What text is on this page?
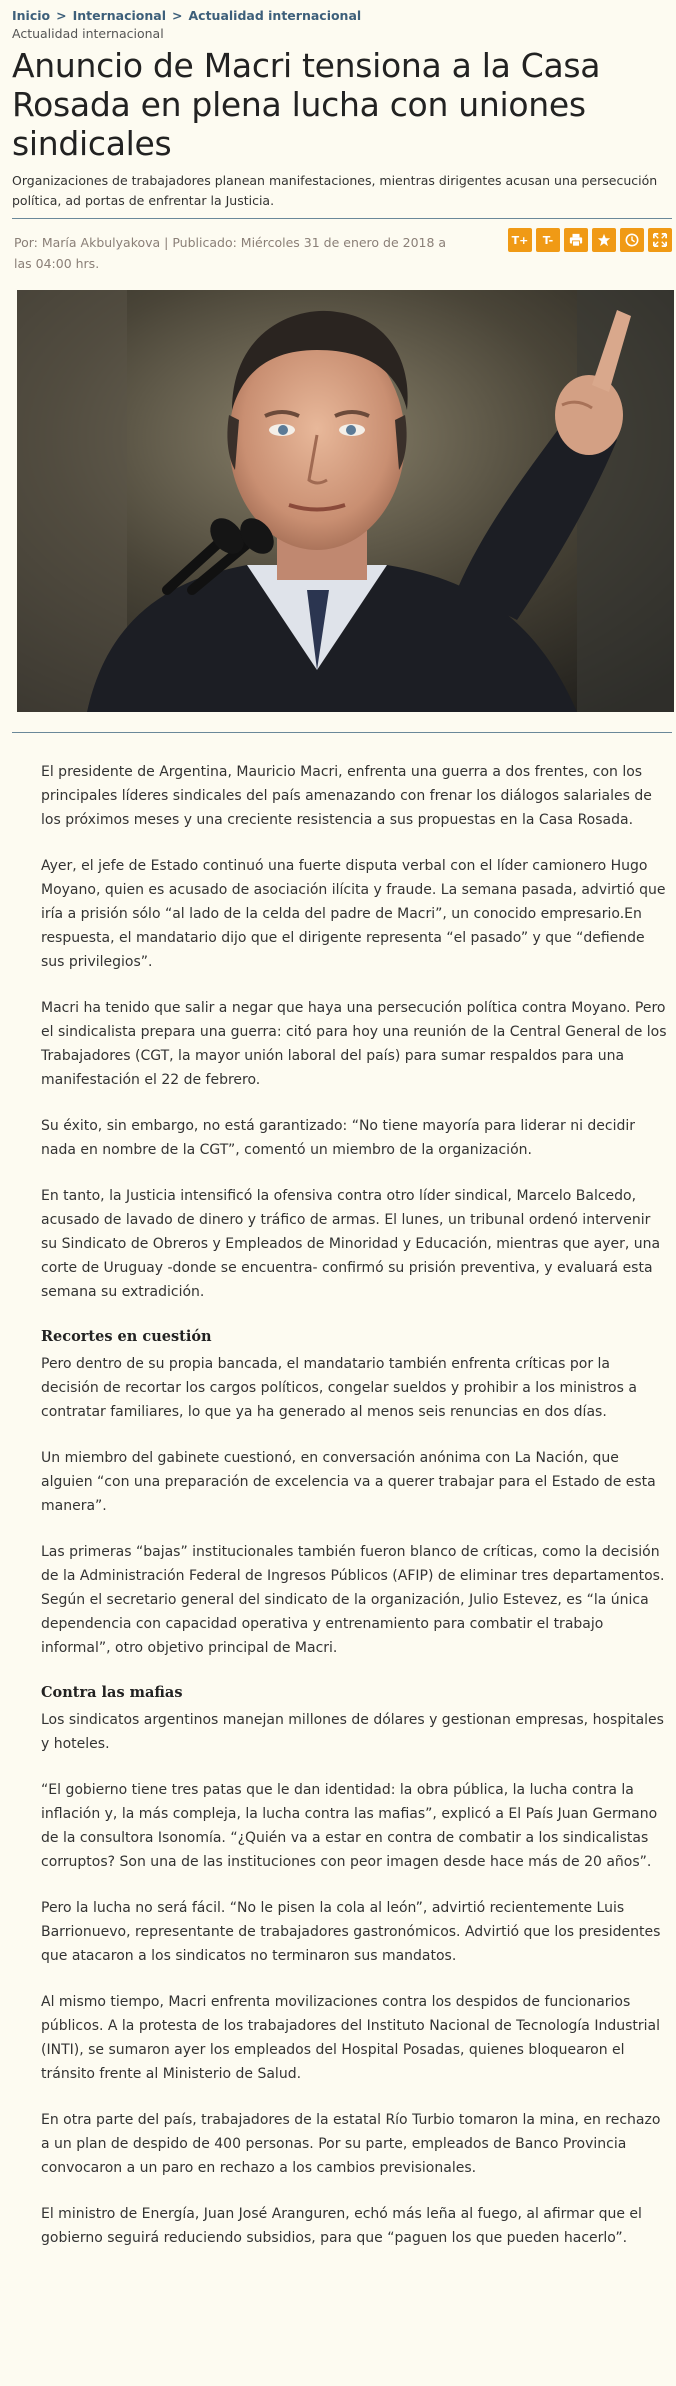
Inicio > Internacional > Actualidad internacional
Actualidad internacional
Anuncio de Macri tensiona a la Casa Rosada en plena lucha con uniones sindicales
Organizaciones de trabajadores planean manifestaciones, mientras dirigentes acusan una persecución política, ad portas de enfrentar la Justicia.
Por: María Akbulyakova | Publicado: Miércoles 31 de enero de 2018 a las 04:00 hrs.
T+	T-

El presidente de Argentina, Mauricio Macri, enfrenta una guerra a dos frentes, con los principales líderes sindicales del país amenazando con frenar los diálogos salariales de los próximos meses y una creciente resistencia a sus propuestas en la Casa Rosada.

Ayer, el jefe de Estado continuó una fuerte disputa verbal con el líder camionero Hugo Moyano, quien es acusado de asociación ilícita y fraude. La semana pasada, advirtió que iría a prisión sólo “al lado de la celda del padre de Macri”, un conocido empresario.En respuesta, el mandatario dijo que el dirigente representa “el pasado” y que “defiende sus privilegios”.

Macri ha tenido que salir a negar que haya una persecución política contra Moyano. Pero el sindicalista prepara una guerra: citó para hoy una reunión de la Central General de los Trabajadores (CGT, la mayor unión laboral del país) para sumar respaldos para una manifestación el 22 de febrero.

Su éxito, sin embargo, no está garantizado: “No tiene mayoría para liderar ni decidir nada en nombre de la CGT”, comentó un miembro de la organización.

En tanto, la Justicia intensificó la ofensiva contra otro líder sindical, Marcelo Balcedo, acusado de lavado de dinero y tráfico de armas. El lunes, un tribunal ordenó intervenir su Sindicato de Obreros y Empleados de Minoridad y Educación, mientras que ayer, una corte de Uruguay -donde se encuentra- confirmó su prisión preventiva, y evaluará esta semana su extradición.

Recortes en cuestión

Pero dentro de su propia bancada, el mandatario también enfrenta críticas por la decisión de recortar los cargos políticos, congelar sueldos y prohibir a los ministros a contratar familiares, lo que ya ha generado al menos seis renuncias en dos días.

Un miembro del gabinete cuestionó, en conversación anónima con La Nación, que alguien “con una preparación de excelencia va a querer trabajar para el Estado de esta manera”.

Las primeras “bajas” institucionales también fueron blanco de críticas, como la decisión de la Administración Federal de Ingresos Públicos (AFIP) de eliminar tres departamentos. Según el secretario general del sindicato de la organización, Julio Estevez, es “la única dependencia con capacidad operativa y entrenamiento para combatir el trabajo informal”, otro objetivo principal de Macri.

Contra las mafias

Los sindicatos argentinos manejan millones de dólares y gestionan empresas, hospitales y hoteles.

“El gobierno tiene tres patas que le dan identidad: la obra pública, la lucha contra la inflación y, la más compleja, la lucha contra las mafias”, explicó a El País Juan Germano de la consultora Isonomía. “¿Quién va a estar en contra de combatir a los sindicalistas corruptos? Son una de las instituciones con peor imagen desde hace más de 20 años”.

Pero la lucha no será fácil. “No le pisen la cola al león”, advirtió recientemente Luis Barrionuevo, representante de trabajadores gastronómicos. Advirtió que los presidentes que atacaron a los sindicatos no terminaron sus mandatos.

Al mismo tiempo, Macri enfrenta movilizaciones contra los despidos de funcionarios públicos. A la protesta de los trabajadores del Instituto Nacional de Tecnología Industrial (INTI), se sumaron ayer los empleados del Hospital Posadas, quienes bloquearon el tránsito frente al Ministerio de Salud.

En otra parte del país, trabajadores de la estatal Río Turbio tomaron la mina, en rechazo a un plan de despido de 400 personas. Por su parte, empleados de Banco Provincia convocaron a un paro en rechazo a los cambios previsionales.

El ministro de Energía, Juan José Aranguren, echó más leña al fuego, al afirmar que el gobierno seguirá reduciendo subsidios, para que “paguen los que pueden hacerlo”.
